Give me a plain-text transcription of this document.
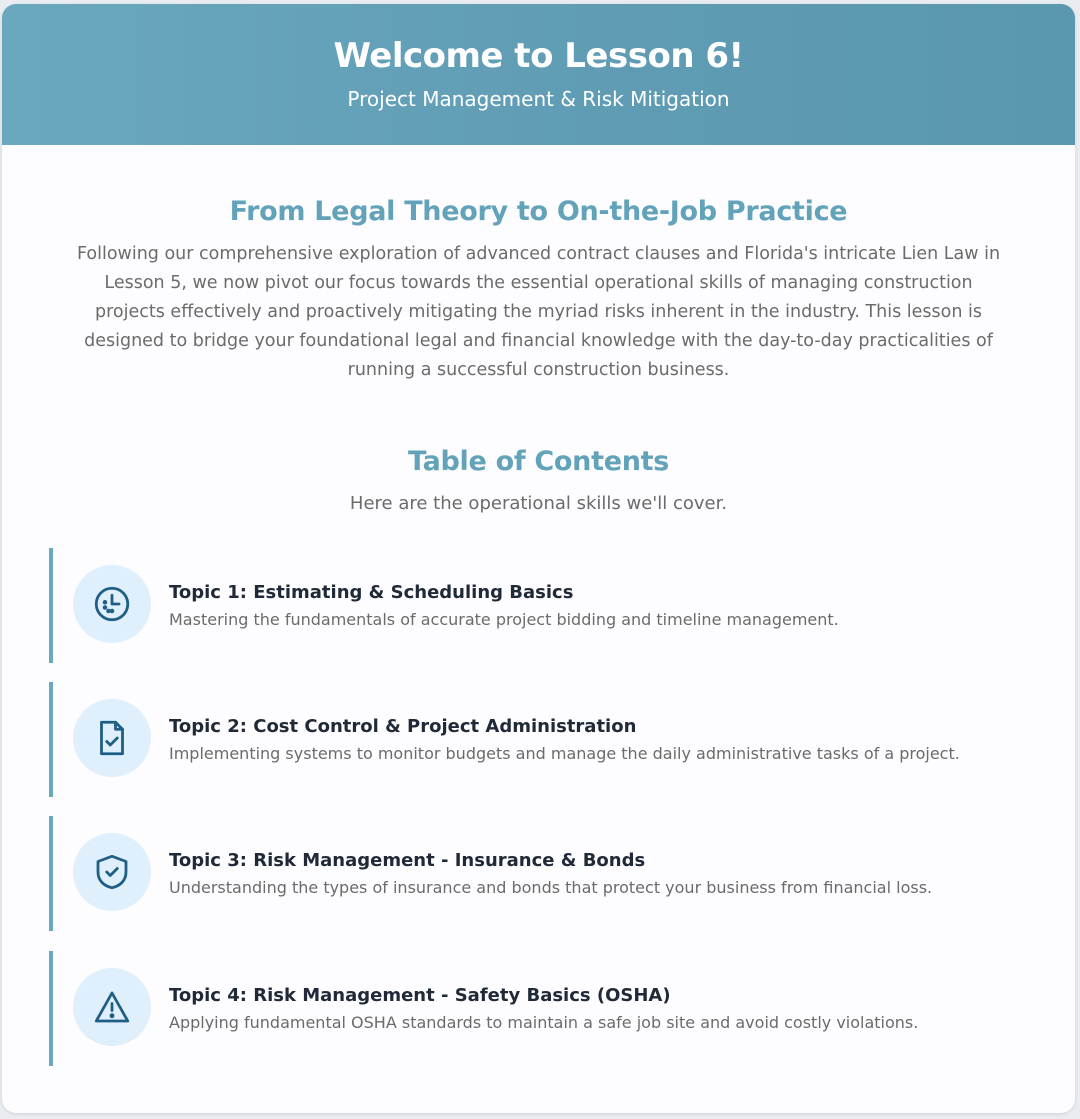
Welcome to Lesson 6!
Project Management & Risk Mitigation
From Legal Theory to On-the-Job Practice

Following our comprehensive exploration of advanced contract clauses and Florida's intricate Lien Law in Lesson 5, we now pivot our focus towards the essential operational skills of managing construction projects effectively and proactively mitigating the myriad risks inherent in the industry. This lesson is designed to bridge your foundational legal and financial knowledge with the day-to-day practicalities of running a successful construction business.

Table of Contents

Here are the operational skills we'll cover.

Topic 1: Estimating & Scheduling Basics
Mastering the fundamentals of accurate project bidding and timeline management.
Topic 2: Cost Control & Project Administration
Implementing systems to monitor budgets and manage the daily administrative tasks of a project.
Topic 3: Risk Management - Insurance & Bonds
Understanding the types of insurance and bonds that protect your business from financial loss.
Topic 4: Risk Management - Safety Basics (OSHA)
Applying fundamental OSHA standards to maintain a safe job site and avoid costly violations.
